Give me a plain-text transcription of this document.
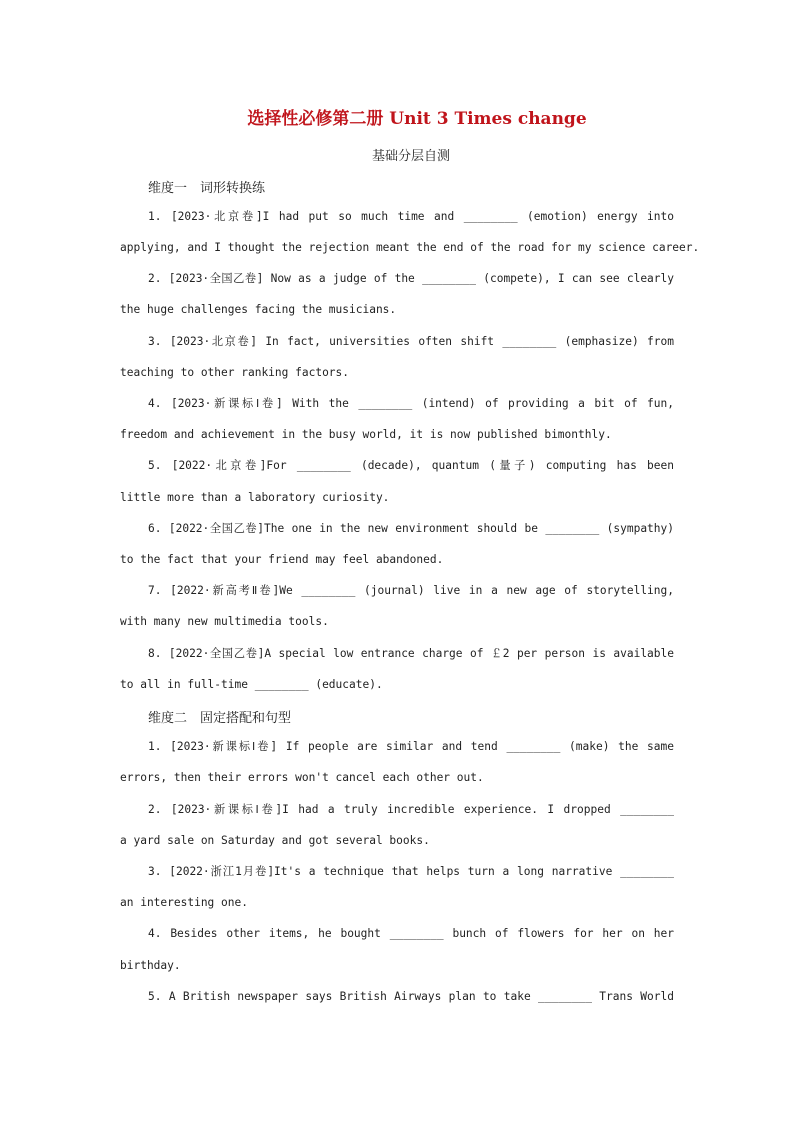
选择性必修第二册 Unit 3 Times change
基础分层自测
维度一　词形转换练
1. [2023·北京卷]I had put so much time and ________ (emotion) energy into
applying, and I thought the rejection meant the end of the road for my science career.
2. [2023·全国乙卷] Now as a judge of the ________ (compete), I can see clearly
the huge challenges facing the musicians.
3. [2023·北京卷] In fact, universities often shift ________ (emphasize) from
teaching to other ranking factors.
4. [2023·新课标Ⅰ卷] With the ________ (intend) of providing a bit of fun,
freedom and achievement in the busy world, it is now published bimonthly.
5. [2022·北京卷]For ________ (decade), quantum (量子) computing has been
little more than a laboratory curiosity.
6. [2022·全国乙卷]The one in the new environment should be ________ (sympathy)
to the fact that your friend may feel abandoned.
7. [2022·新高考Ⅱ卷]We ________ (journal) live in a new age of storytelling,
with many new multimedia tools.
8. [2022·全国乙卷]A special low entrance charge of ￡2 per person is available
to all in full-time ________ (educate).
维度二　固定搭配和句型
1. [2023·新课标Ⅰ卷] If people are similar and tend ________ (make) the same
errors, then their errors won't cancel each other out.
2. [2023·新课标Ⅰ卷]I had a truly incredible experience. I dropped ________
a yard sale on Saturday and got several books.
3. [2022·浙江1月卷]It's a technique that helps turn a long narrative ________
an interesting one.
4. Besides other items, he bought ________ bunch of flowers for her on her
birthday.
5. A British newspaper says British Airways plan to take ________ Trans World
